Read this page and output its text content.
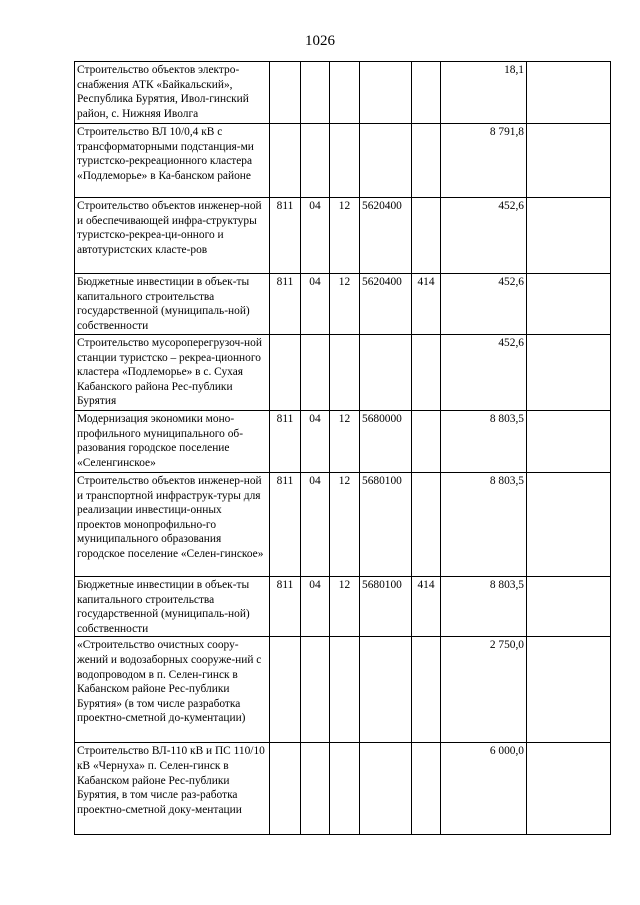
1026
Строительство объектов электро-снабжения АТК «Байкальский», Республика Бурятия, Ивол-гинский район, с. Нижняя Иволга						18,1	
Строительство ВЛ 10/0,4 кВ с трансформаторными подстанция-ми туристско-рекреационного кластера «Подлеморье» в Ка-банском районе						8 791,8	
Строительство объектов инженер-ной и обеспечивающей инфра-структуры туристско-рекреа-ци-онного и автотуристских класте-ров	811	04	12	5620400		452,6	
Бюджетные инвестиции в объек-ты капитального строительства государственной (муниципаль-ной) собственности	811	04	12	5620400	414	452,6	
Строительство мусороперегрузоч-ной станции туристско – рекреа-ционного кластера «Подлеморье» в с. Сухая Кабанского района Рес-публики Бурятия						452,6	
Модернизация экономики моно-профильного муниципального об-разования городское поселение «Селенгинское»	811	04	12	5680000		8 803,5	
Строительство объектов инженер-ной и транспортной инфраструк-туры для реализации инвестици-онных проектов монопрофильно-го муниципального образования городское поселение «Селен-гинское»	811	04	12	5680100		8 803,5	
Бюджетные инвестиции в объек-ты капитального строительства государственной (муниципаль-ной) собственности	811	04	12	5680100	414	8 803,5	
«Строительство очистных соору-жений и водозаборных сооруже-ний с водопроводом в п. Селен-гинск в Кабанском районе Рес-публики Бурятия» (в том числе разработка проектно-сметной до-кументации)						2 750,0	
Строительство ВЛ-110 кВ и ПС 110/10 кВ «Чернуха» п. Селен-гинск в Кабанском районе Рес-публики Бурятия, в том числе раз-работка проектно-сметной доку-ментации						6 000,0	
